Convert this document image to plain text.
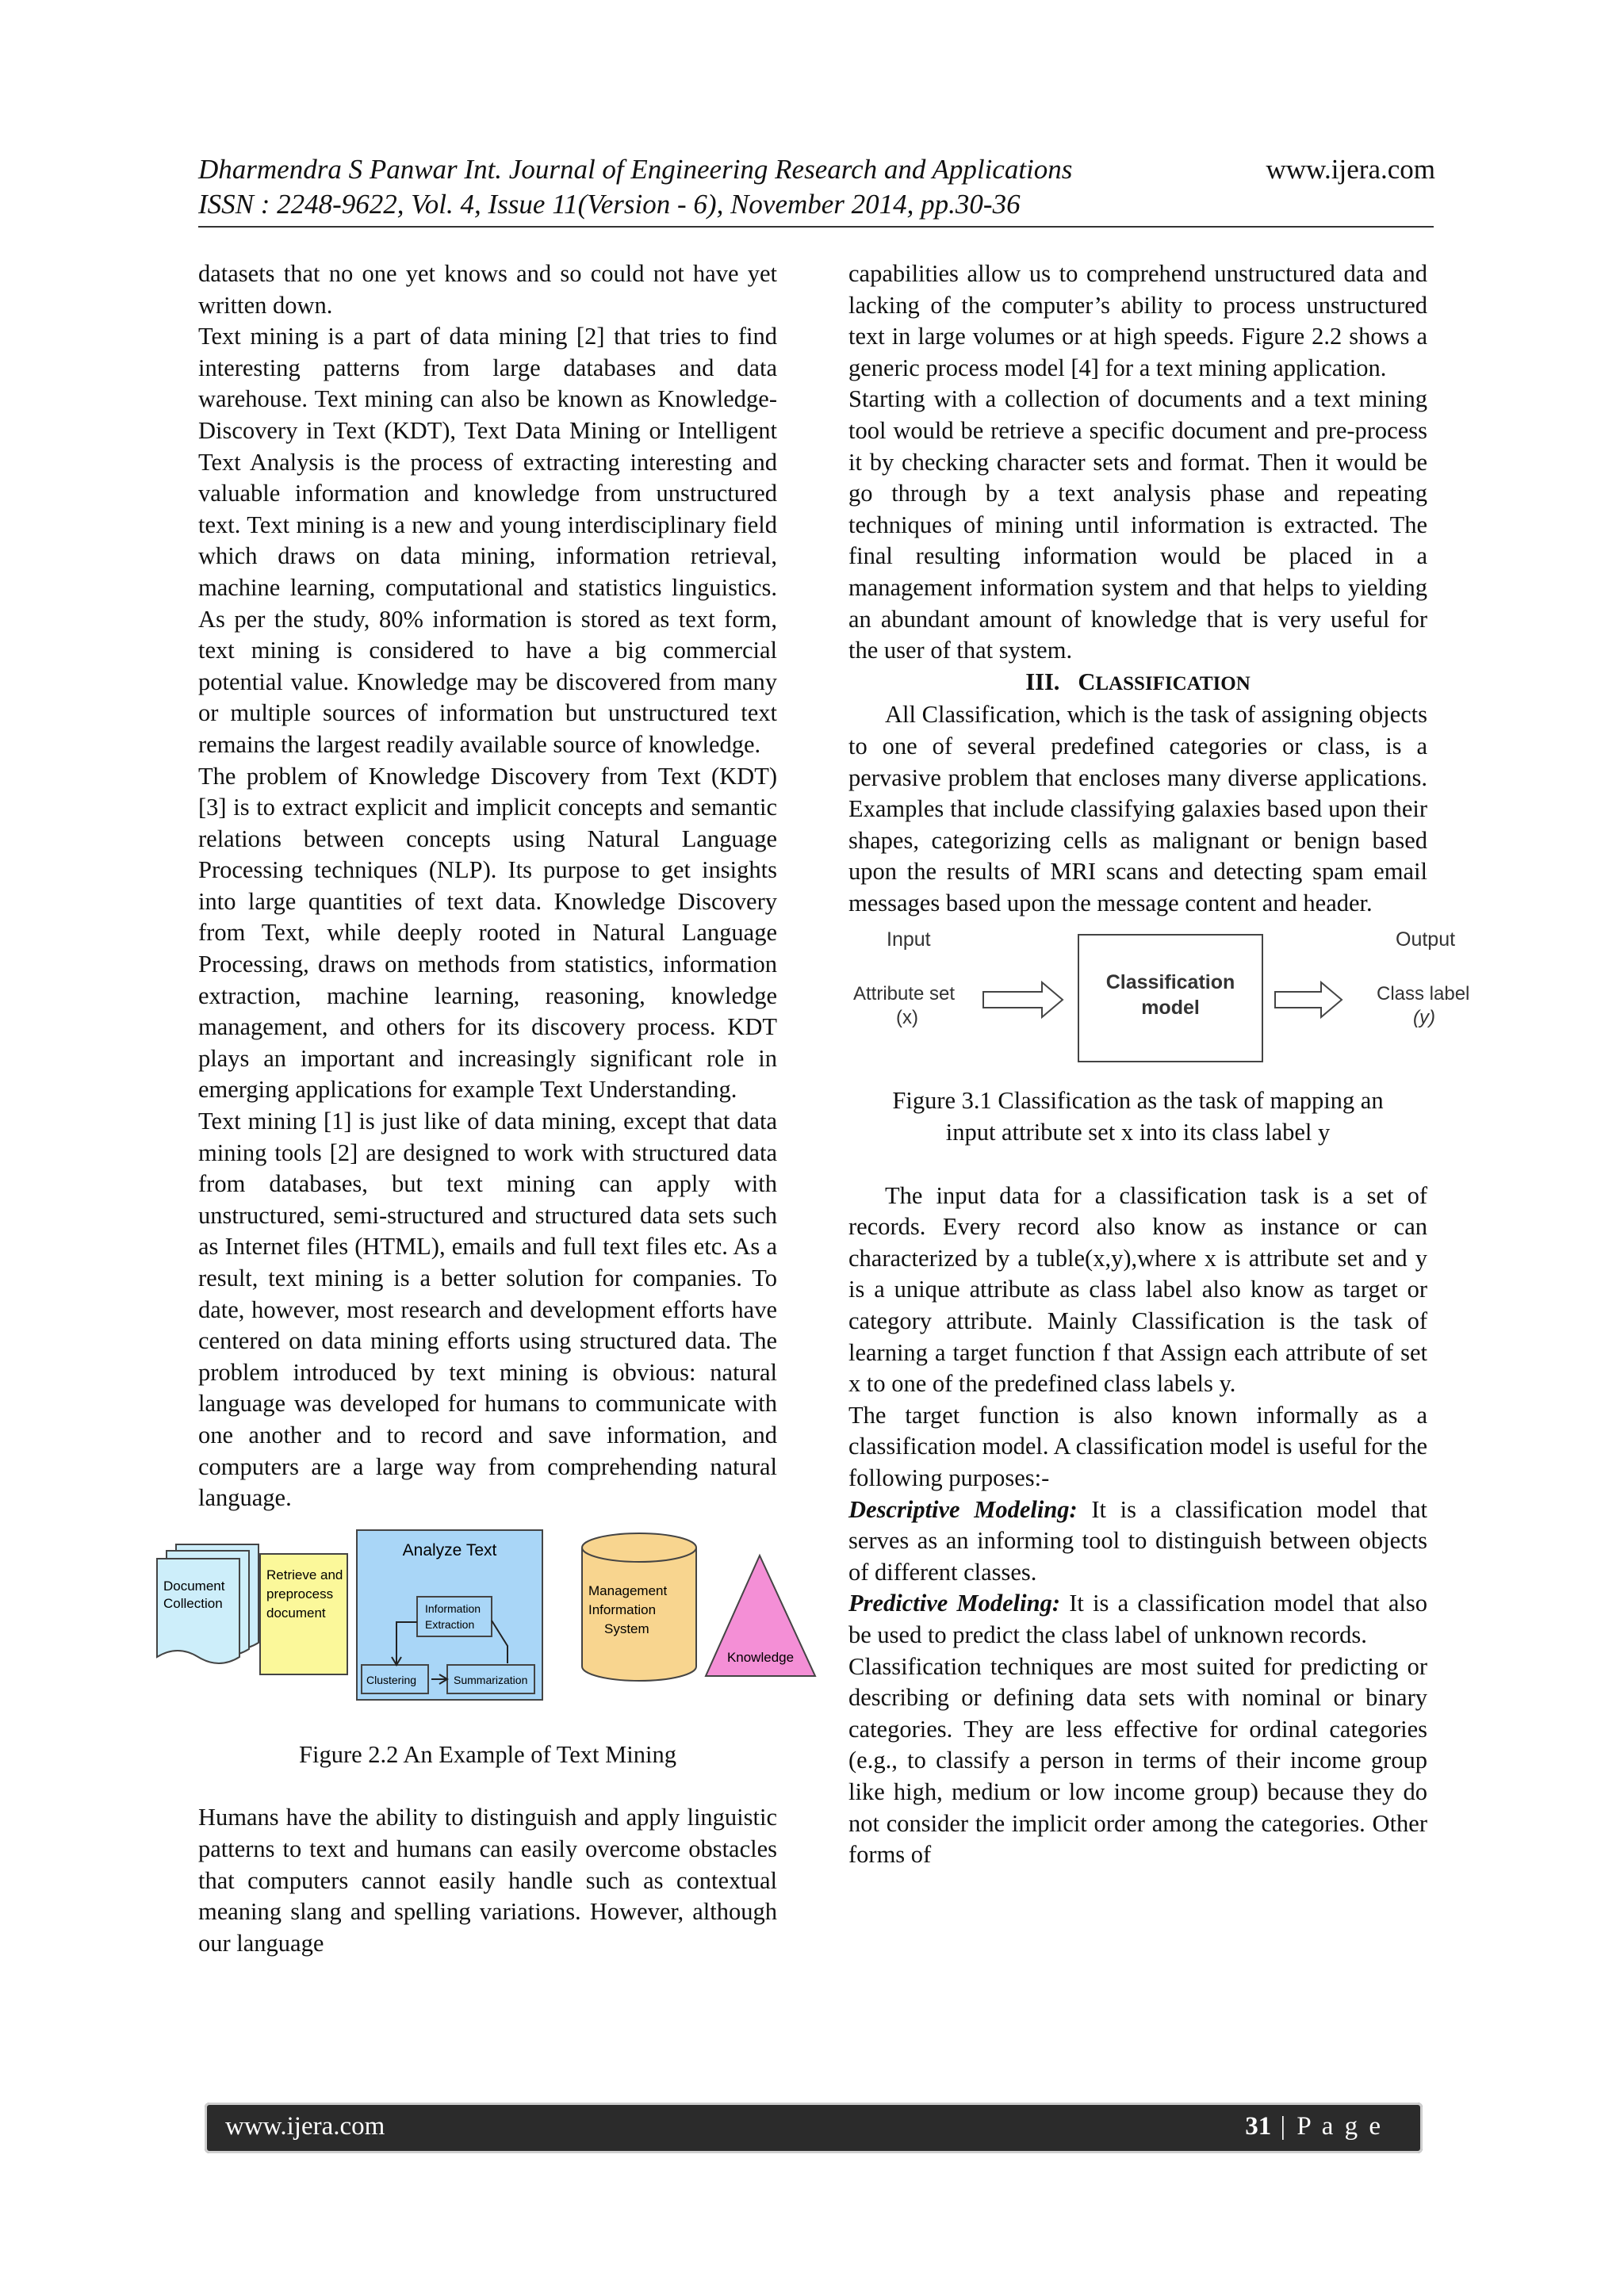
Dharmendra S Panwar Int. Journal of Engineering Research and Applications	www.ijera.com
ISSN : 2248-9622, Vol. 4, Issue 11(Version - 6), November 2014, pp.30-36

datasets that no one yet knows and so could not have yet written down.

Text mining is a part of data mining [2] that tries to find interesting patterns from large databases and data warehouse. Text mining can also be known as Knowledge-Discovery in Text (KDT), Text Data Mining or Intelligent Text Analysis is the process of extracting interesting and valuable information and knowledge from unstructured text. Text mining is a new and young interdisciplinary field which draws on data mining, information retrieval, machine learning, computational and statistics linguistics. As per the study, 80% information is stored as text form, text mining is considered to have a big commercial potential value. Knowledge may be discovered from many or multiple sources of information but unstructured text remains the largest readily available source of knowledge.

The problem of Knowledge Discovery from Text (KDT) [3] is to extract explicit and implicit concepts and semantic relations between concepts using Natural Language Processing techniques (NLP). Its purpose to get insights into large quantities of text data. Knowledge Discovery from Text, while deeply rooted in Natural Language Processing, draws on methods from statistics, information extraction, machine learning, reasoning, knowledge management, and others for its discovery process. KDT plays an important and increasingly significant role in emerging applications for example Text Understanding.

Text mining [1] is just like of data mining, except that data mining tools [2] are designed to work with structured data from databases, but text mining can apply with unstructured, semi-structured and structured data sets such as Internet files (HTML), emails and full text files etc. As a result, text mining is a better solution for companies. To date, however, most research and development efforts have centered on data mining efforts using structured data. The problem introduced by text mining is obvious: natural language was developed for humans to communicate with one another and to record and save information, and computers are a large way from comprehending natural language.

Document
Collection
Retrieve and
preprocess
document
Analyze Text
Information
Extraction
Clustering	Summarization
Management
Information
System
Knowledge

Figure 2.2 An Example of Text Mining

Humans have the ability to distinguish and apply linguistic patterns to text and humans can easily overcome obstacles that computers cannot easily handle such as contextual meaning slang and spelling variations. However, although our language

capabilities allow us to comprehend unstructured data and lacking of the computer’s ability to process unstructured text in large volumes or at high speeds. Figure 2.2 shows a generic process model [4] for a text mining application.

Starting with a collection of documents and a text mining tool would be retrieve a specific document and pre-process it by checking character sets and format. Then it would be go through by a text analysis phase and repeating techniques of mining until information is extracted. The final resulting information would be placed in a management information system and that helps to yielding an abundant amount of knowledge that is very useful for the user of that system.

III. CLASSIFICATION

All Classification, which is the task of assigning objects to one of several predefined categories or class, is a pervasive problem that encloses many diverse applications. Examples that include classifying galaxies based upon their shapes, categorizing cells as malignant or benign based upon the results of MRI scans and detecting spam email messages based upon the message content and header.

Input	Output
Attribute set
(x)
Classification
model
Class label
(y)

Figure 3.1 Classification as the task of mapping an

input attribute set x into its class label y

The input data for a classification task is a set of records. Every record also know as instance or can characterized by a tuble(x,y),where x is attribute set and y is a unique attribute as class label also know as target or category attribute. Mainly Classification is the task of learning a target function f that Assign each attribute of set x to one of the predefined class labels y.

The target function is also known informally as a classification model. A classification model is useful for the following purposes:-

Descriptive Modeling: It is a classification model that serves as an informing tool to distinguish between objects of different classes.

Predictive Modeling: It is a classification model that also be used to predict the class label of unknown records.

Classification techniques are most suited for predicting or describing or defining data sets with nominal or binary categories. They are less effective for ordinal categories (e.g., to classify a person in terms of their income group like high, medium or low income group) because they do not consider the implicit order among the categories. Other forms of

www.ijera.com	31 | P a g e
